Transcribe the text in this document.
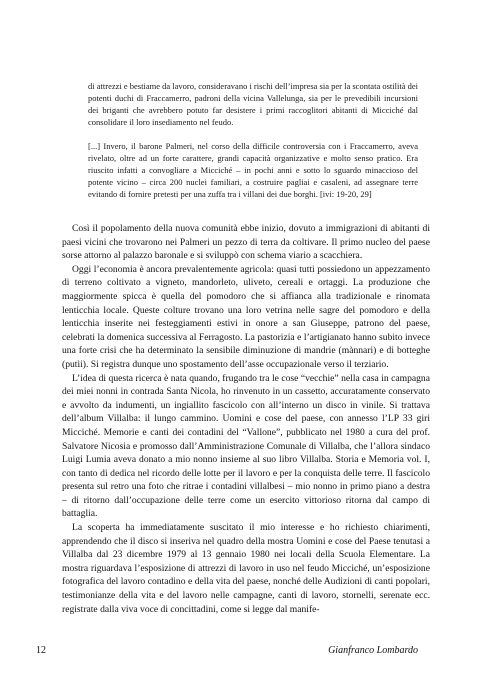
di attrezzi e bestiame da lavoro, consideravano i rischi dell’impresa sia per la scontata ostilità dei potenti duchi di Fraccamerro, padroni della vicina Vallelunga, sia per le prevedibili incursioni dei briganti che avrebbero potuto far desistere i primi raccoglitori abitanti di Micciché dal consolidare il loro insediamento nel feudo.
[...] Invero, il barone Palmeri, nel corso della difficile controversia con i Fraccamerro, aveva rivelato, oltre ad un forte carattere, grandi capacità organizzative e molto senso pratico. Era riuscito infatti a convogliare a Micciché – in pochi anni e sotto lo sguardo minaccioso del potente vicino – circa 200 nuclei familiari, a costruire pagliai e casaleni, ad assegnare terre evitando di fornire pretesti per una zuffa tra i villani dei due borghi. [ivi: 19-20, 29]

Così il popolamento della nuova comunità ebbe inizio, dovuto a immigrazioni di abitanti di paesi vicini che trovarono nei Palmeri un pezzo di terra da coltivare. Il primo nucleo del paese sorse attorno al palazzo baronale e si sviluppò con schema viario a scacchiera.

Oggi l’economia è ancora prevalentemente agricola: quasi tutti possiedono un appezzamento di terreno coltivato a vigneto, mandorleto, uliveto, cereali e ortaggi. La produzione che maggiormente spicca è quella del pomodoro che si affianca alla tradizionale e rinomata lenticchia locale. Queste colture trovano una loro vetrina nelle sagre del pomodoro e della lenticchia inserite nei festeggiamenti estivi in onore a san Giuseppe, patrono del paese, celebrati la domenica successiva al Ferragosto. La pastorizia e l’artigianato hanno subito invece una forte crisi che ha determinato la sensibile diminuzione di mandrie (mànnari) e di botteghe (putìi). Si registra dunque uno spostamento dell’asse occupazionale verso il terziario.

L’idea di questa ricerca è nata quando, frugando tra le cose “vecchie” nella casa in campagna dei miei nonni in contrada Santa Nicola, ho rinvenuto in un cassetto, accuratamente conservato e avvolto da indumenti, un ingiallito fascicolo con all’interno un disco in vinile. Si trattava dell’album Villalba: il lungo cammino. Uomini e cose del paese, con annesso l’LP 33 giri Micciché. Memorie e canti dei contadini del “Vallone”, pubblicato nel 1980 a cura del prof. Salvatore Nicosia e promosso dall’Amministrazione Comunale di Villalba, che l’allora sindaco Luigi Lumia aveva donato a mio nonno insieme al suo libro Villalba. Storia e Memoria vol. I, con tanto di dedica nel ricordo delle lotte per il lavoro e per la conquista delle terre. Il fascicolo presenta sul retro una foto che ritrae i contadini villalbesi – mio nonno in primo piano a destra – di ritorno dall’occupazione delle terre come un esercito vittorioso ritorna dal campo di battaglia.

La scoperta ha immediatamente suscitato il mio interesse e ho richiesto chiarimenti, apprendendo che il disco si inseriva nel quadro della mostra Uomini e cose del Paese tenutasi a Villalba dal 23 dicembre 1979 al 13 gennaio 1980 nei locali della Scuola Elementare. La mostra riguardava l’esposizione di attrezzi di lavoro in uso nel feudo Micciché, un’esposizione fotografica del lavoro contadino e della vita del paese, nonché delle Audizioni di canti popolari, testimonianze della vita e del lavoro nelle campagne, canti di lavoro, stornelli, serenate ecc. registrate dalla viva voce di concittadini, come si legge dal manife-

12	Gianfranco Lombardo
